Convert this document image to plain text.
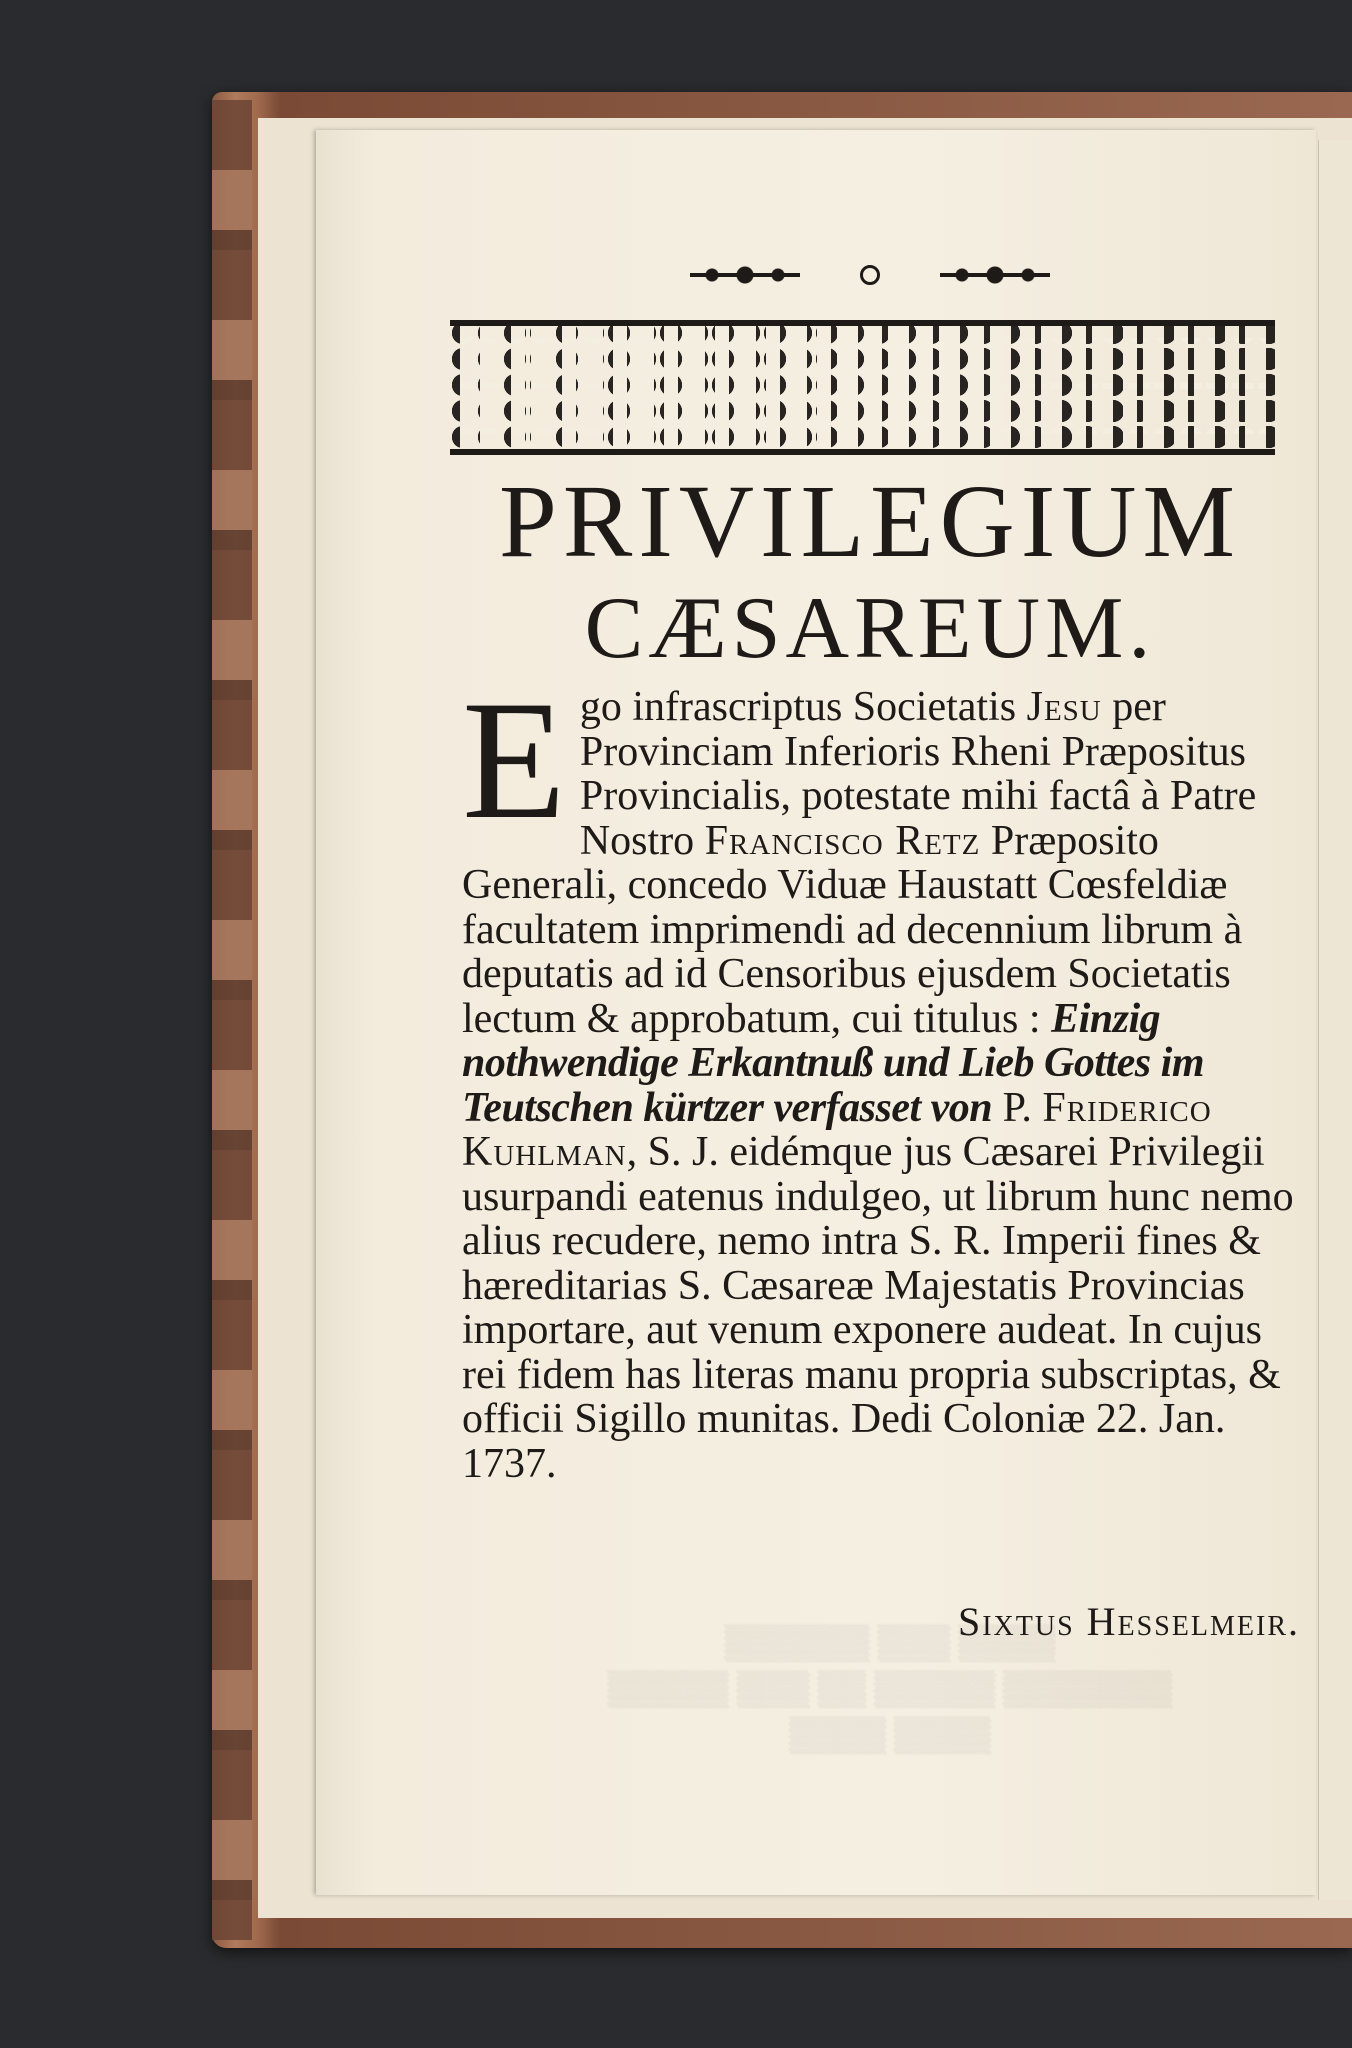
▒▒▒▒ ▒▒▒ ▒▒▒▒▒▒
▒▒▒▒▒▒▒ ▒▒▒▒▒ ▒▒ ▒▒▒ ▒▒▒▒▒
▒▒▒▒ ▒▒▒▒
PRIVILEGIUM
CÆSAREUM.
Ego infrascriptus Societatis Jesu per Provinciam Inferioris Rheni Præpositus Provincialis, potestate mihi factâ à Patre Nostro Francisco Retz Præposito Generali, concedo Viduæ Haustatt Cœsfeldiæ facultatem imprimendi ad decennium librum à deputatis ad id Censoribus ejusdem Societatis lectum & approbatum, cui titulus : Einzig nothwendige Erkantnuß und Lieb Gottes im Teutschen kürtzer verfasset von P. Friderico Kuhlman, S. J. eidémque jus Cæsarei Privilegii usurpandi eatenus indulgeo, ut librum hunc nemo alius recudere, nemo intra S. R. Imperii fines & hæreditarias S. Cæsareæ Majestatis Provincias importare, aut venum exponere audeat. In cujus rei fidem has literas manu propria subscriptas, & officii Sigillo munitas. Dedi Coloniæ 22. Jan. 1737.
Sixtus Hesselmeir.
